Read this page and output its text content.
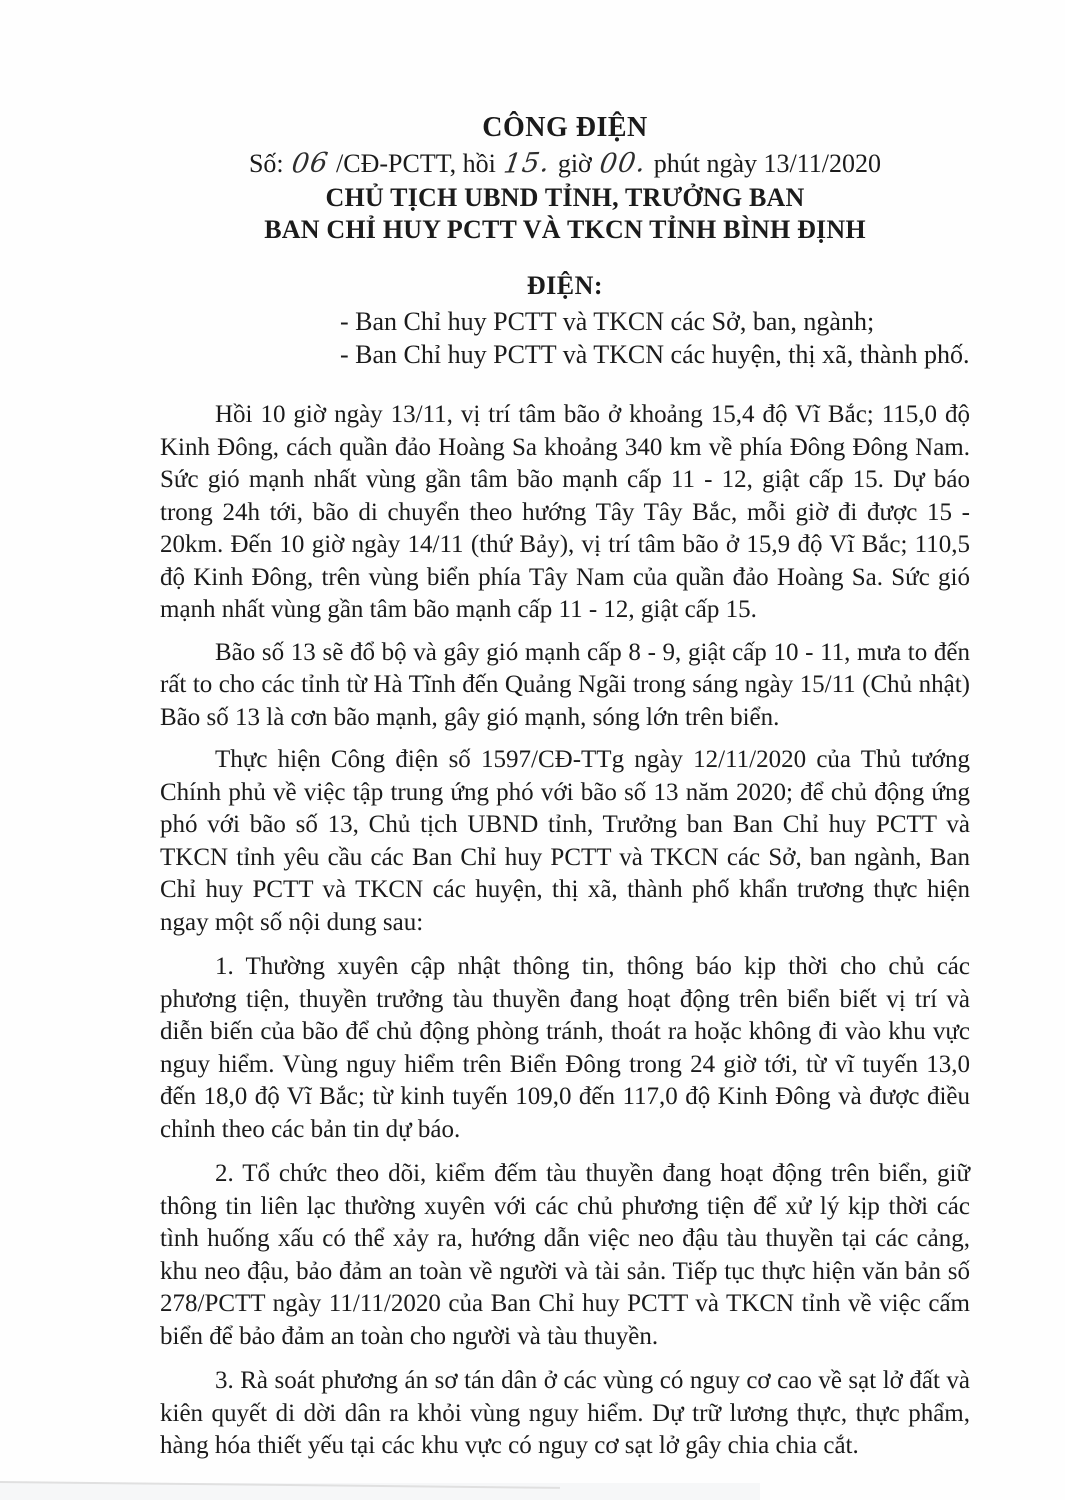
CÔNG ĐIỆN
Số: 06 /CĐ-PCTT, hồi 15. giờ 00. phút ngày 13/11/2020
CHỦ TỊCH UBND TỈNH, TRƯỞNG BAN
BAN CHỈ HUY PCTT VÀ TKCN TỈNH BÌNH ĐỊNH
ĐIỆN:
- Ban Chỉ huy PCTT và TKCN các Sở, ban, ngành;
- Ban Chỉ huy PCTT và TKCN các huyện, thị xã, thành phố.

Hồi 10 giờ ngày 13/11, vị trí tâm bão ở khoảng 15,4 độ Vĩ Bắc; 115,0 độ Kinh Đông, cách quần đảo Hoàng Sa khoảng 340 km về phía Đông Đông Nam. Sức gió mạnh nhất vùng gần tâm bão mạnh cấp 11 - 12, giật cấp 15. Dự báo trong 24h tới, bão di chuyển theo hướng Tây Tây Bắc, mỗi giờ đi được 15 - 20km. Đến 10 giờ ngày 14/11 (thứ Bảy), vị trí tâm bão ở 15,9 độ Vĩ Bắc; 110,5 độ Kinh Đông, trên vùng biển phía Tây Nam của quần đảo Hoàng Sa. Sức gió mạnh nhất vùng gần tâm bão mạnh cấp 11 - 12, giật cấp 15.

Bão số 13 sẽ đổ bộ và gây gió mạnh cấp 8 - 9, giật cấp 10 - 11, mưa to đến rất to cho các tỉnh từ Hà Tĩnh đến Quảng Ngãi trong sáng ngày 15/11 (Chủ nhật) Bão số 13 là cơn bão mạnh, gây gió mạnh, sóng lớn trên biển.

Thực hiện Công điện số 1597/CĐ-TTg ngày 12/11/2020 của Thủ tướng Chính phủ về việc tập trung ứng phó với bão số 13 năm 2020; để chủ động ứng phó với bão số 13, Chủ tịch UBND tỉnh, Trưởng ban Ban Chỉ huy PCTT và TKCN tỉnh yêu cầu các Ban Chỉ huy PCTT và TKCN các Sở, ban ngành, Ban Chỉ huy PCTT và TKCN các huyện, thị xã, thành phố khẩn trương thực hiện ngay một số nội dung sau:

1. Thường xuyên cập nhật thông tin, thông báo kịp thời cho chủ các phương tiện, thuyền trưởng tàu thuyền đang hoạt động trên biển biết vị trí và diễn biến của bão để chủ động phòng tránh, thoát ra hoặc không đi vào khu vực nguy hiểm. Vùng nguy hiểm trên Biển Đông trong 24 giờ tới, từ vĩ tuyến 13,0 đến 18,0 độ Vĩ Bắc; từ kinh tuyến 109,0 đến 117,0 độ Kinh Đông và được điều chỉnh theo các bản tin dự báo.

2. Tổ chức theo dõi, kiểm đếm tàu thuyền đang hoạt động trên biển, giữ thông tin liên lạc thường xuyên với các chủ phương tiện để xử lý kịp thời các tình huống xấu có thể xảy ra, hướng dẫn việc neo đậu tàu thuyền tại các cảng, khu neo đậu, bảo đảm an toàn về người và tài sản. Tiếp tục thực hiện văn bản số 278/PCTT ngày 11/11/2020 của Ban Chỉ huy PCTT và TKCN tỉnh về việc cấm biển để bảo đảm an toàn cho người và tàu thuyền.

3. Rà soát phương án sơ tán dân ở các vùng có nguy cơ cao về sạt lở đất và kiên quyết di dời dân ra khỏi vùng nguy hiểm. Dự trữ lương thực, thực phẩm, hàng hóa thiết yếu tại các khu vực có nguy cơ sạt lở gây chia chia cắt.
